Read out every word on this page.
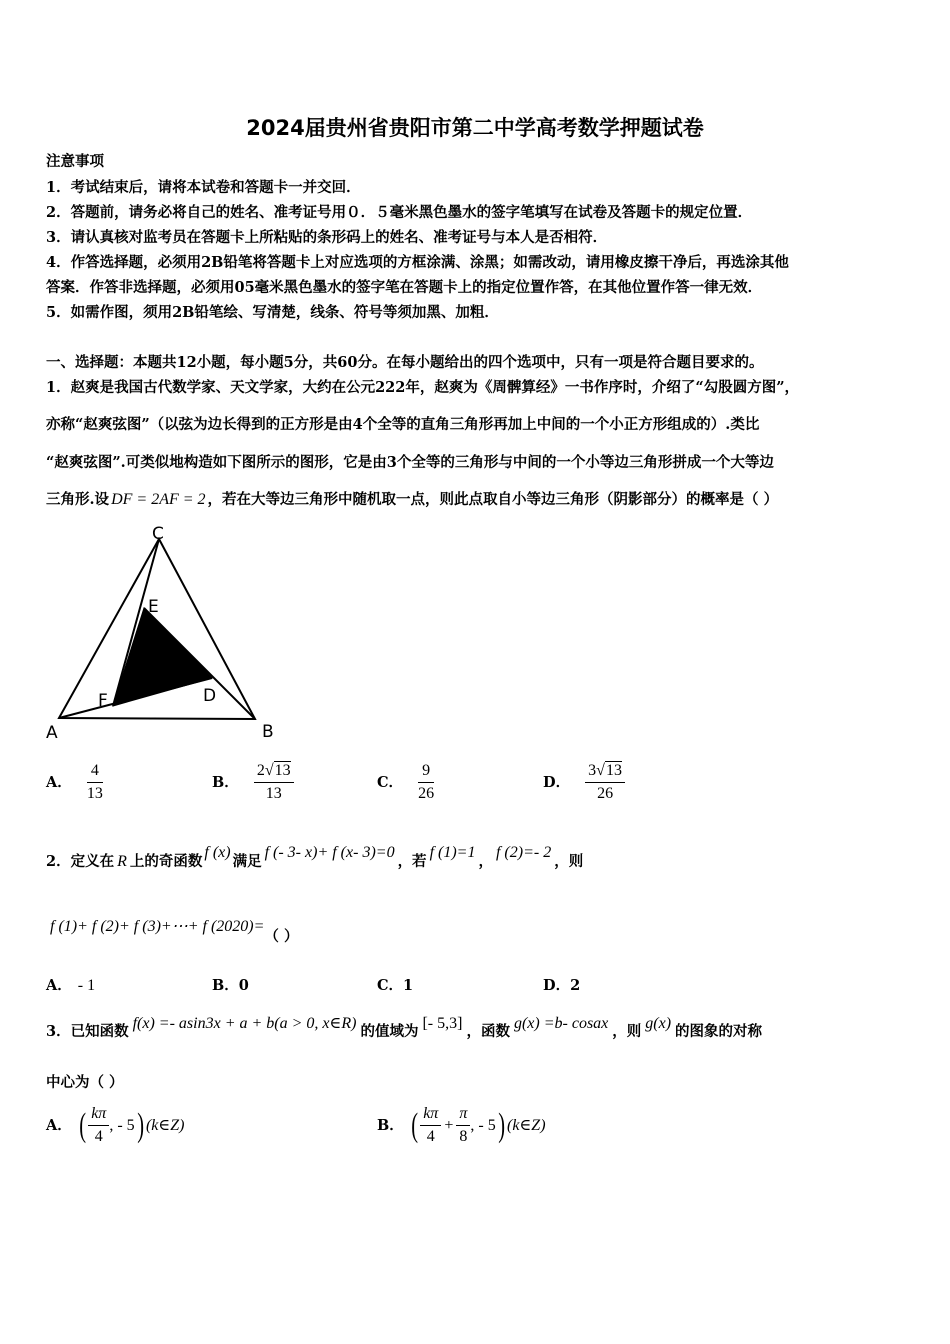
2024届贵州省贵阳市第二中学高考数学押题试卷
注意事项
1．考试结束后，请将本试卷和答题卡一并交回．
2．答题前，请务必将自己的姓名、准考证号用０．５毫米黑色墨水的签字笔填写在试卷及答题卡的规定位置．
3．请认真核对监考员在答题卡上所粘贴的条形码上的姓名、准考证号与本人是否相符．
4．作答选择题，必须用2B铅笔将答题卡上对应选项的方框涂满、涂黑；如需改动，请用橡皮擦干净后，再选涂其他
答案．作答非选择题，必须用05毫米黑色墨水的签字笔在答题卡上的指定位置作答，在其他位置作答一律无效．
5．如需作图，须用2B铅笔绘、写清楚，线条、符号等须加黑、加粗．
一、选择题：本题共12小题，每小题5分，共60分。在每小题给出的四个选项中，只有一项是符合题目要求的。
1．赵爽是我国古代数学家、天文学家，大约在公元222年，赵爽为《周髀算经》一书作序时，介绍了“勾股圆方图”，
亦称“赵爽弦图”（以弦为边长得到的正方形是由4个全等的直角三角形再加上中间的一个小正方形组成的）.类比
“赵爽弦图”.可类似地构造如下图所示的图形，它是由3个全等的三角形与中间的一个小等边三角形拼成一个大等边
三角形.设 DF = 2AF = 2 ，若在大等边三角形中随机取一点，则此点取自小等边三角形（阴影部分）的概率是（ ）
C
E
F	D
A	B
A． $\frac{4}{13}$	B． $\frac{2√13}{13}$	C． $\frac{9}{26}$	D． $\frac{3√13}{26}$
2．定义在 R 上的奇函数f (x)满足f (- 3- x)+ f (x- 3)=0，若f (1)=1，f (2)=- 2，则
f (1)+ f (2)+ f (3)+⋯+ f (2020)=（ ）
A． - 1	B．0	C．1	D．2
3．已知函数 f(x) =- asin3x + a + b(a > 0, x∈R) 的值域为 [- 5,3] ，函数 g(x) =b- cosax ，则 g(x) 的图象的对称
中心为（ ）
A． ( $\frac{k\pi}{4}$ , - 5) (k∈Z)	B． ( $\frac{k\pi}{4} + \frac{\pi}{8}$ , - 5) (k∈Z)
